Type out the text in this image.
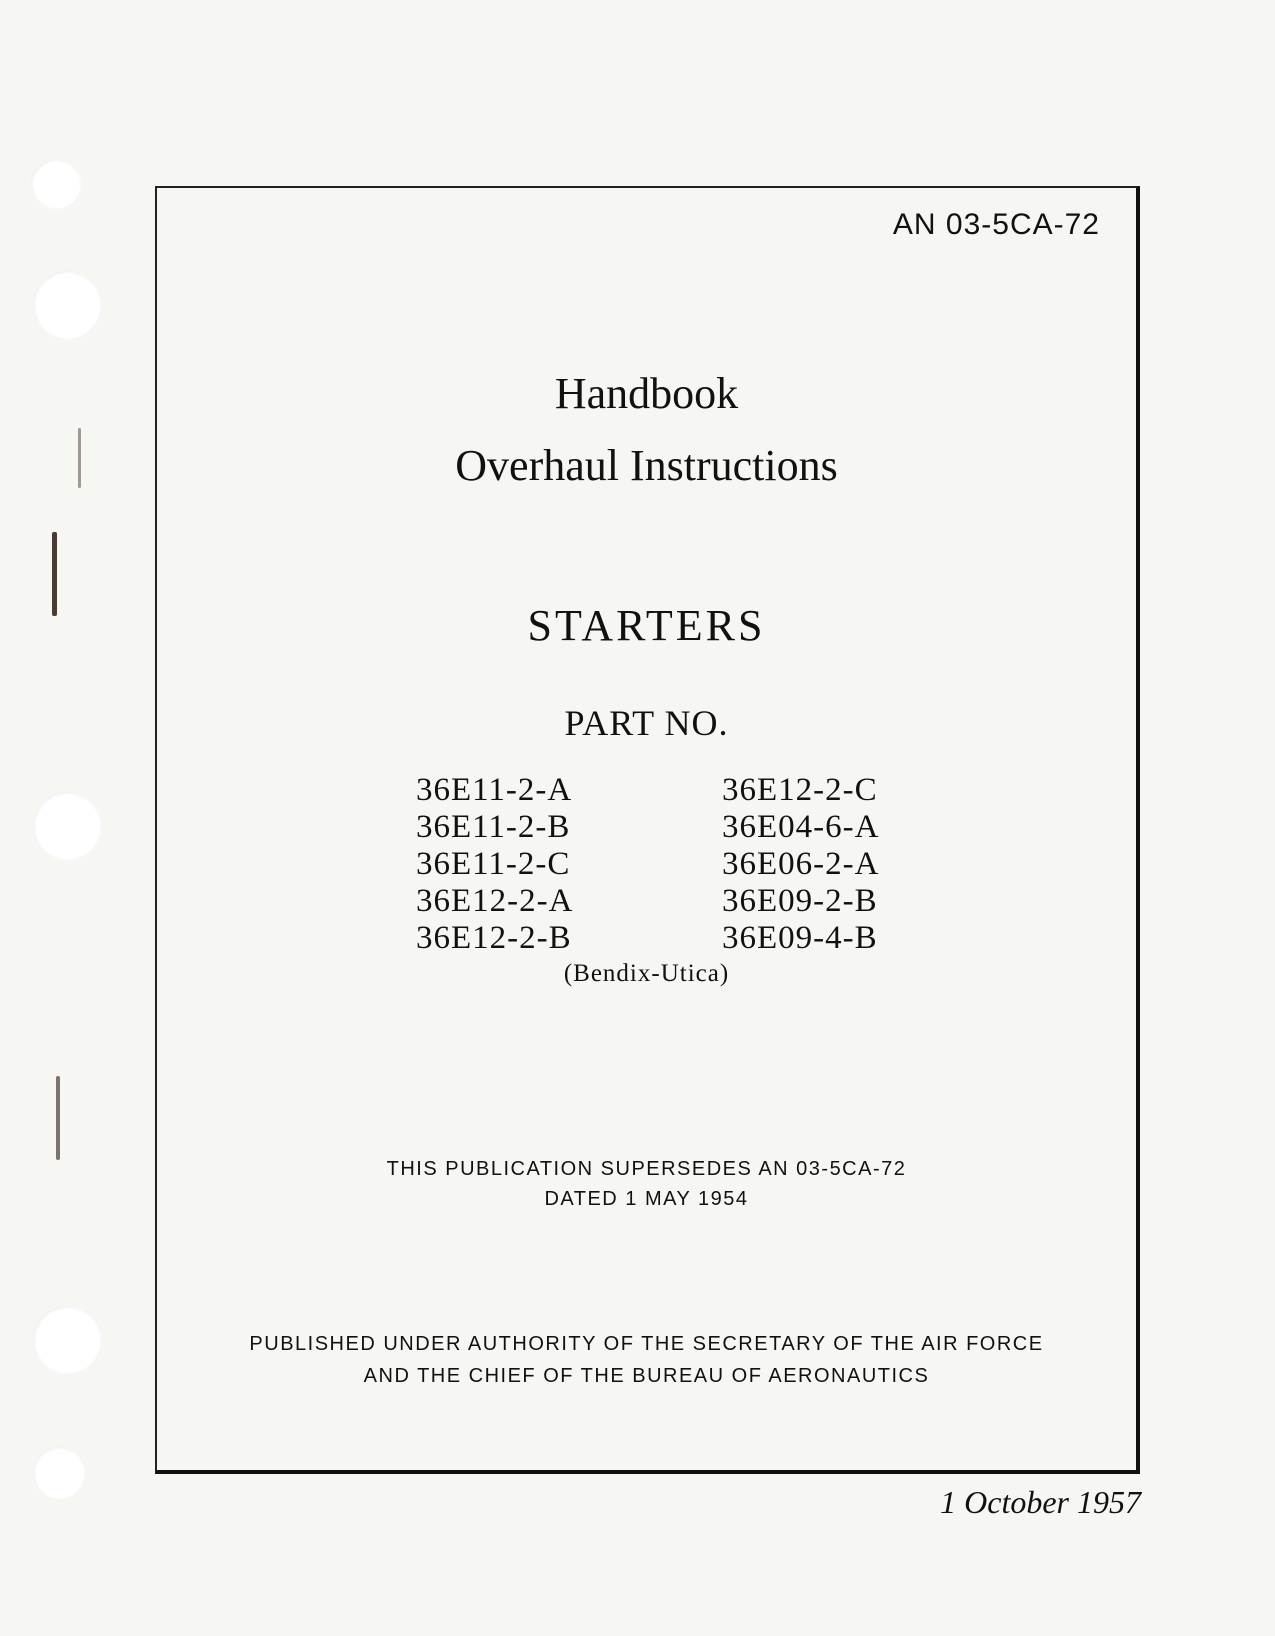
AN 03-5CA-72
Handbook
Overhaul Instructions
STARTERS
PART NO.
36E11-2-A
36E11-2-B
36E11-2-C
36E12-2-A
36E12-2-B
36E12-2-C
36E04-6-A
36E06-2-A
36E09-2-B
36E09-4-B
(Bendix-Utica)
THIS PUBLICATION SUPERSEDES AN 03-5CA-72
DATED 1 MAY 1954
PUBLISHED UNDER AUTHORITY OF THE SECRETARY OF THE AIR FORCE
AND THE CHIEF OF THE BUREAU OF AERONAUTICS
1 October 1957
